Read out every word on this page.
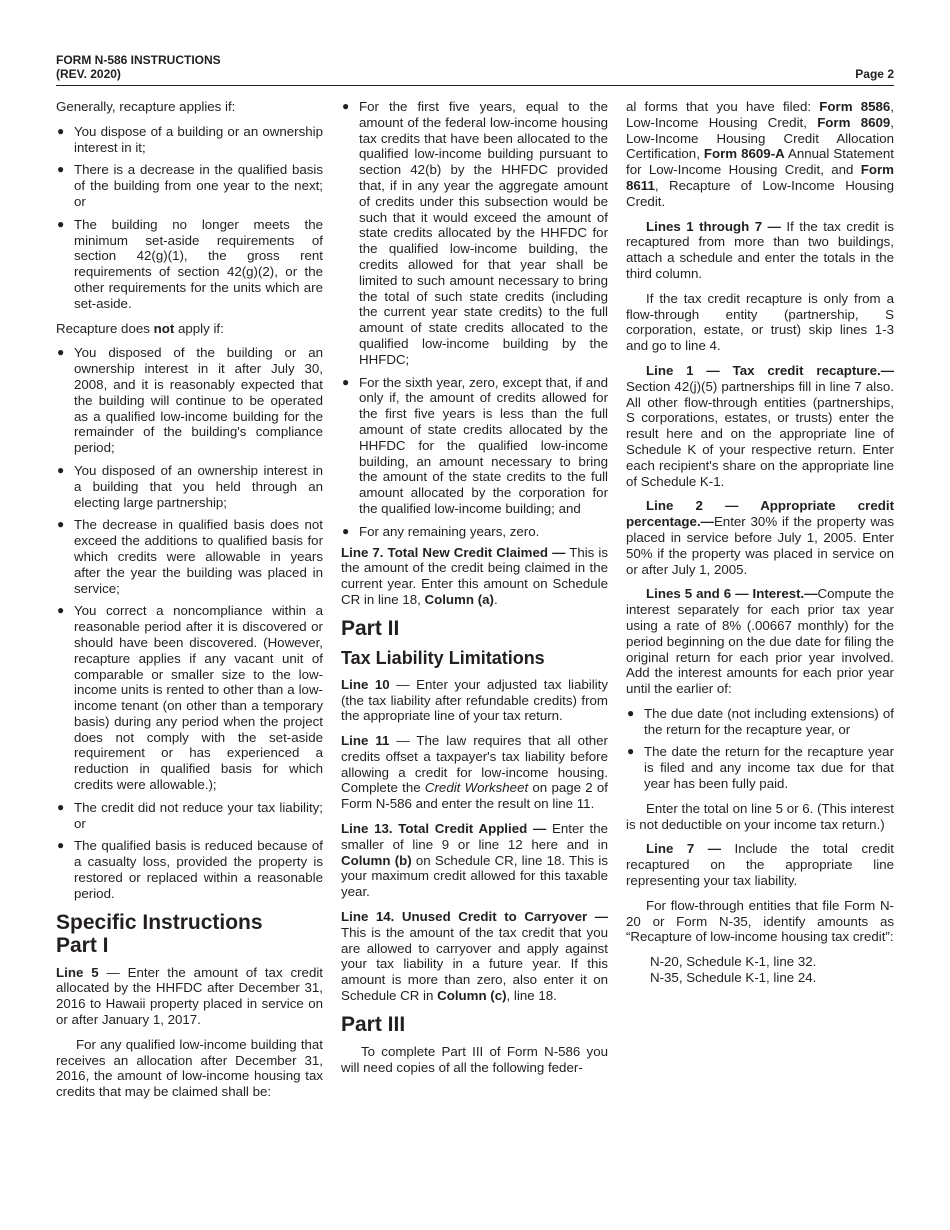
FORM N-586 INSTRUCTIONS
(REV. 2020)	Page 2

Generally, recapture applies if:

● You dispose of a building or an ownership interest in it;
● There is a decrease in the qualified basis of the building from one year to the next; or
● The building no longer meets the minimum set-aside requirements of section 42(g)(1), the gross rent requirements of section 42(g)(2), or the other requirements for the units which are set-aside.

Recapture does not apply if:

● You disposed of the building or an ownership interest in it after July 30, 2008, and it is reasonably expected that the building will continue to be operated as a qualified low-income building for the remainder of the building's compliance period;
● You disposed of an ownership interest in a building that you held through an electing large partnership;
● The decrease in qualified basis does not exceed the additions to qualified basis for which credits were allowable in years after the year the building was placed in service;
● You correct a noncompliance within a reasonable period after it is discovered or should have been discovered. (However, recapture applies if any vacant unit of comparable or smaller size to the low-income units is rented to other than a low-income tenant (on other than a temporary basis) during any period when the project does not comply with the set-aside requirement or has experienced a reduction in qualified basis for which credits were allowable.);
● The credit did not reduce your tax liability; or
● The qualified basis is reduced because of a casualty loss, provided the property is restored or replaced within a reasonable period.
Specific Instructions
Part I

Line 5 — Enter the amount of tax credit allocated by the HHFDC after December 31, 2016 to Hawaii property placed in service on or after January 1, 2017.

For any qualified low-income building that receives an allocation after December 31, 2016, the amount of low-income housing tax credits that may be claimed shall be:

● For the first five years, equal to the amount of the federal low-income housing tax credits that have been allocated to the qualified low-income building pursuant to section 42(b) by the HHFDC provided that, if in any year the aggregate amount of credits under this subsection would be such that it would exceed the amount of state credits allocated by the HHFDC for the qualified low-income building, the credits allowed for that year shall be limited to such amount necessary to bring the total of such state credits (including the current year state credits) to the full amount of state credits allocated to the qualified low-income building by the HHFDC;
● For the sixth year, zero, except that, if and only if, the amount of credits allowed for the first five years is less than the full amount of state credits allocated by the HHFDC for the qualified low-income building, an amount necessary to bring the amount of the state credits to the full amount allocated by the corporation for the qualified low-income building; and
● For any remaining years, zero.

Line 7. Total New Credit Claimed — This is the amount of the credit being claimed in the current year. Enter this amount on Schedule CR in line 18, Column (a).

Part II
Tax Liability Limitations

Line 10 — Enter your adjusted tax liability (the tax liability after refundable credits) from the appropriate line of your tax return.

Line 11 — The law requires that all other credits offset a taxpayer's tax liability before allowing a credit for low-income housing. Complete the Credit Worksheet on page 2 of Form N-586 and enter the result on line 11.

Line 13. Total Credit Applied — Enter the smaller of line 9 or line 12 here and in Column (b) on Schedule CR, line 18. This is your maximum credit allowed for this taxable year.

Line 14. Unused Credit to Carryover — This is the amount of the tax credit that you are allowed to carryover and apply against your tax liability in a future year. If this amount is more than zero, also enter it on Schedule CR in Column (c), line 18.

Part III

To complete Part III of Form N-586 you will need copies of all the following feder-

al forms that you have filed: Form 8586, Low-Income Housing Credit, Form 8609, Low-Income Housing Credit Allocation Certification, Form 8609-A Annual Statement for Low-Income Housing Credit, and Form 8611, Recapture of Low-Income Housing Credit.

Lines 1 through 7 — If the tax credit is recaptured from more than two buildings, attach a schedule and enter the totals in the third column.

If the tax credit recapture is only from a flow-through entity (partnership, S corporation, estate, or trust) skip lines 1-3 and go to line 4.

Line 1 — Tax credit recapture.— Section 42(j)(5) partnerships fill in line 7 also. All other flow-through entities (partnerships, S corporations, estates, or trusts) enter the result here and on the appropriate line of Schedule K of your respective return. Enter each recipient's share on the appropriate line of Schedule K-1.

Line 2 — Appropriate credit percentage.—Enter 30% if the property was placed in service before July 1, 2005. Enter 50% if the property was placed in service on or after July 1, 2005.

Lines 5 and 6 — Interest.—Compute the interest separately for each prior tax year using a rate of 8% (.00667 monthly) for the period beginning on the due date for filing the original return for each prior year involved. Add the interest amounts for each prior year until the earlier of:

● The due date (not including extensions) of the return for the recapture year, or
● The date the return for the recapture year is filed and any income tax due for that year has been fully paid.

Enter the total on line 5 or 6. (This interest is not deductible on your income tax return.)

Line 7 — Include the total credit recaptured on the appropriate line representing your tax liability.

For flow-through entities that file Form N-20 or Form N-35, identify amounts as “Recapture of low-income housing tax credit”:

N-20, Schedule K-1, line 32.
N-35, Schedule K-1, line 24.
